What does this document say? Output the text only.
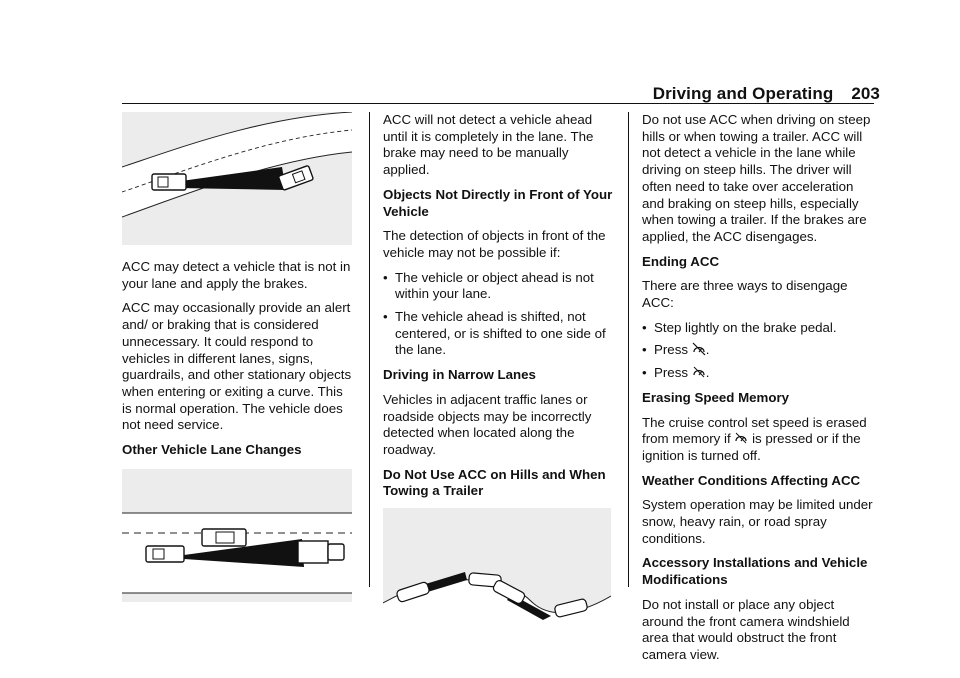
Driving and Operating 203

ACC may detect a vehicle that is not in your lane and apply the brakes.

ACC may occasionally provide an alert and/ or braking that is considered unnecessary. It could respond to vehicles in different lanes, signs, guardrails, and other stationary objects when entering or exiting a curve. This is normal operation. The vehicle does not need service.

Other Vehicle Lane Changes

ACC will not detect a vehicle ahead until it is completely in the lane. The brake may need to be manually applied.

Objects Not Directly in Front of Your Vehicle

The detection of objects in front of the vehicle may not be possible if:

• The vehicle or object ahead is not within your lane.
• The vehicle ahead is shifted, not centered, or is shifted to one side of the lane.

Driving in Narrow Lanes

Vehicles in adjacent traffic lanes or roadside objects may be incorrectly detected when located along the roadway.

Do Not Use ACC on Hills and When Towing a Trailer

Do not use ACC when driving on steep hills or when towing a trailer. ACC will not detect a vehicle in the lane while driving on steep hills. The driver will often need to take over acceleration and braking on steep hills, especially when towing a trailer. If the brakes are applied, the ACC disengages.

Ending ACC

There are three ways to disengage ACC:

• Step lightly on the brake pedal.
• Press .
• Press .

Erasing Speed Memory

The cruise control set speed is erased from memory if is pressed or if the ignition is turned off.

Weather Conditions Affecting ACC

System operation may be limited under snow, heavy rain, or road spray conditions.

Accessory Installations and Vehicle Modifications

Do not install or place any object around the front camera windshield area that would obstruct the front camera view.
